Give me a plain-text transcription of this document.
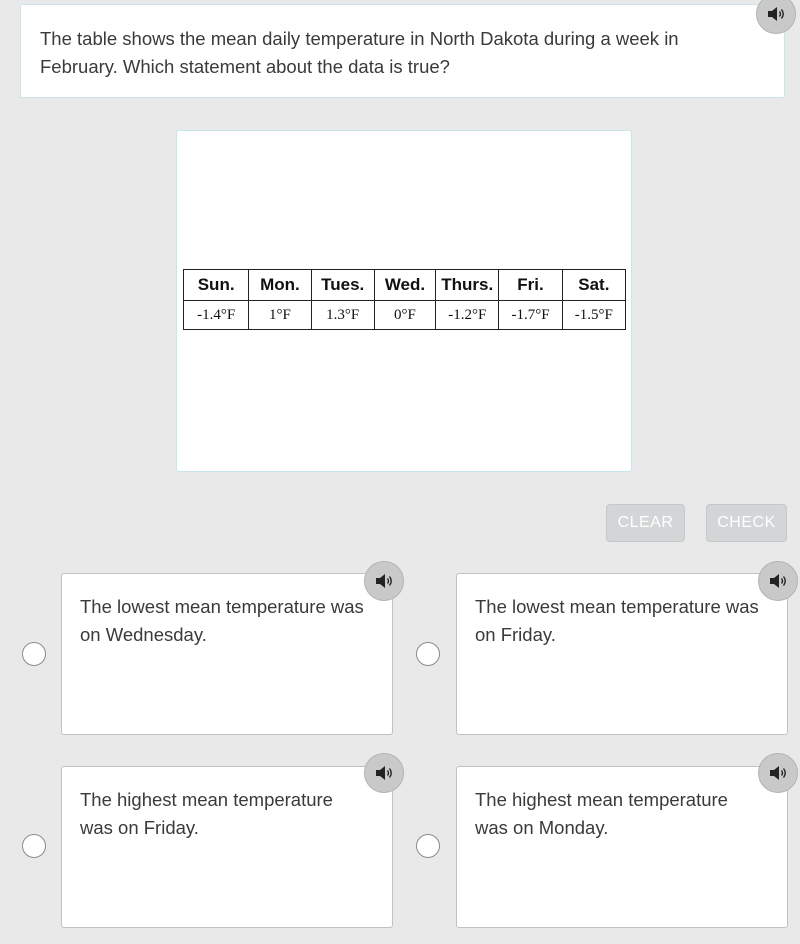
The table shows the mean daily temperature in North Dakota during a week in February. Which statement about the data is true?
Sun.	Mon.	Tues.	Wed.	Thurs.	Fri.	Sat.
-1.4°F	1°F	1.3°F	0°F	-1.2°F	-1.7°F	-1.5°F
CLEAR	CHECK
The lowest mean temperature was on Wednesday.
The lowest mean temperature was on Friday.
The highest mean temperature was on Friday.
The highest mean temperature was on Monday.
